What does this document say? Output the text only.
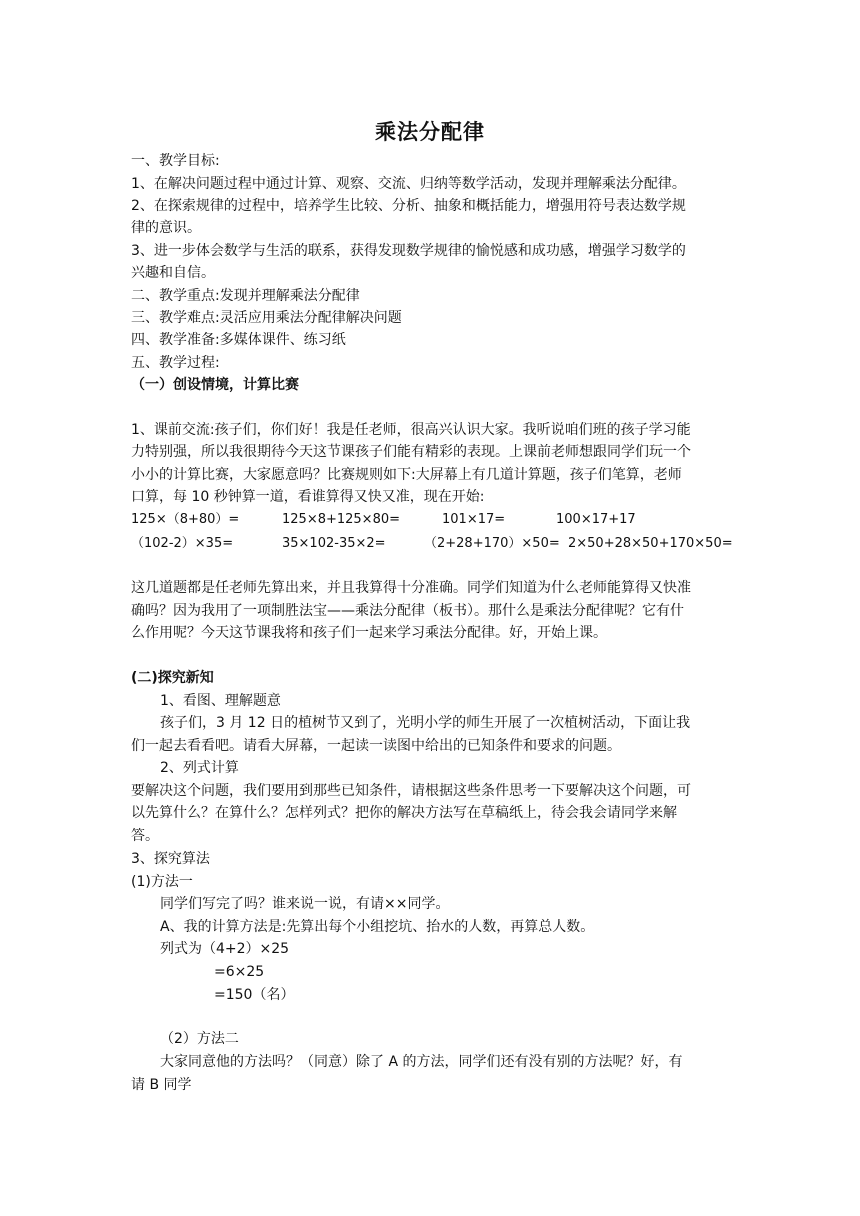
乘法分配律
一、教学目标:
1、在解决问题过程中通过计算、观察、交流、归纳等数学活动，发现并理解乘法分配律。
2、在探索规律的过程中，培养学生比较、分析、抽象和概括能力，增强用符号表达数学规
律的意识。
3、进一步体会数学与生活的联系，获得发现数学规律的愉悦感和成功感，增强学习数学的
兴趣和自信。
二、教学重点:发现并理解乘法分配律
三、教学难点:灵活应用乘法分配律解决问题
四、教学准备:多媒体课件、练习纸
五、教学过程:
（一）创设情境，计算比赛
1、课前交流:孩子们，你们好！我是任老师，很高兴认识大家。我听说咱们班的孩子学习能
力特别强，所以我很期待今天这节课孩子们能有精彩的表现。上课前老师想跟同学们玩一个
小小的计算比赛，大家愿意吗？比赛规则如下:大屏幕上有几道计算题，孩子们笔算，老师
口算，每 10 秒钟算一道，看谁算得又快又准，现在开始:
125×（8+80）=	125×8+125×80=	101×17=	100×17+17
（102-2）×35=	35×102-35×2=	（2+28+170）×50= 2×50+28×50+170×50=
这几道题都是任老师先算出来，并且我算得十分准确。同学们知道为什么老师能算得又快准
确吗？因为我用了一项制胜法宝——乘法分配律（板书）。那什么是乘法分配律呢？它有什
么作用呢？今天这节课我将和孩子们一起来学习乘法分配律。好，开始上课。
(二)探究新知
1、看图、理解题意
孩子们，3 月 12 日的植树节又到了，光明小学的师生开展了一次植树活动，下面让我
们一起去看看吧。请看大屏幕，一起读一读图中给出的已知条件和要求的问题。
2、列式计算
要解决这个问题，我们要用到那些已知条件，请根据这些条件思考一下要解决这个问题，可
以先算什么？在算什么？怎样列式？把你的解决方法写在草稿纸上，待会我会请同学来解
答。
3、探究算法
(1)方法一
同学们写完了吗？谁来说一说，有请××同学。
A、我的计算方法是:先算出每个小组挖坑、抬水的人数，再算总人数。
列式为（4+2）×25
=6×25
=150（名）
（2）方法二
大家同意他的方法吗？（同意）除了 A 的方法，同学们还有没有别的方法呢？好，有
请 B 同学
